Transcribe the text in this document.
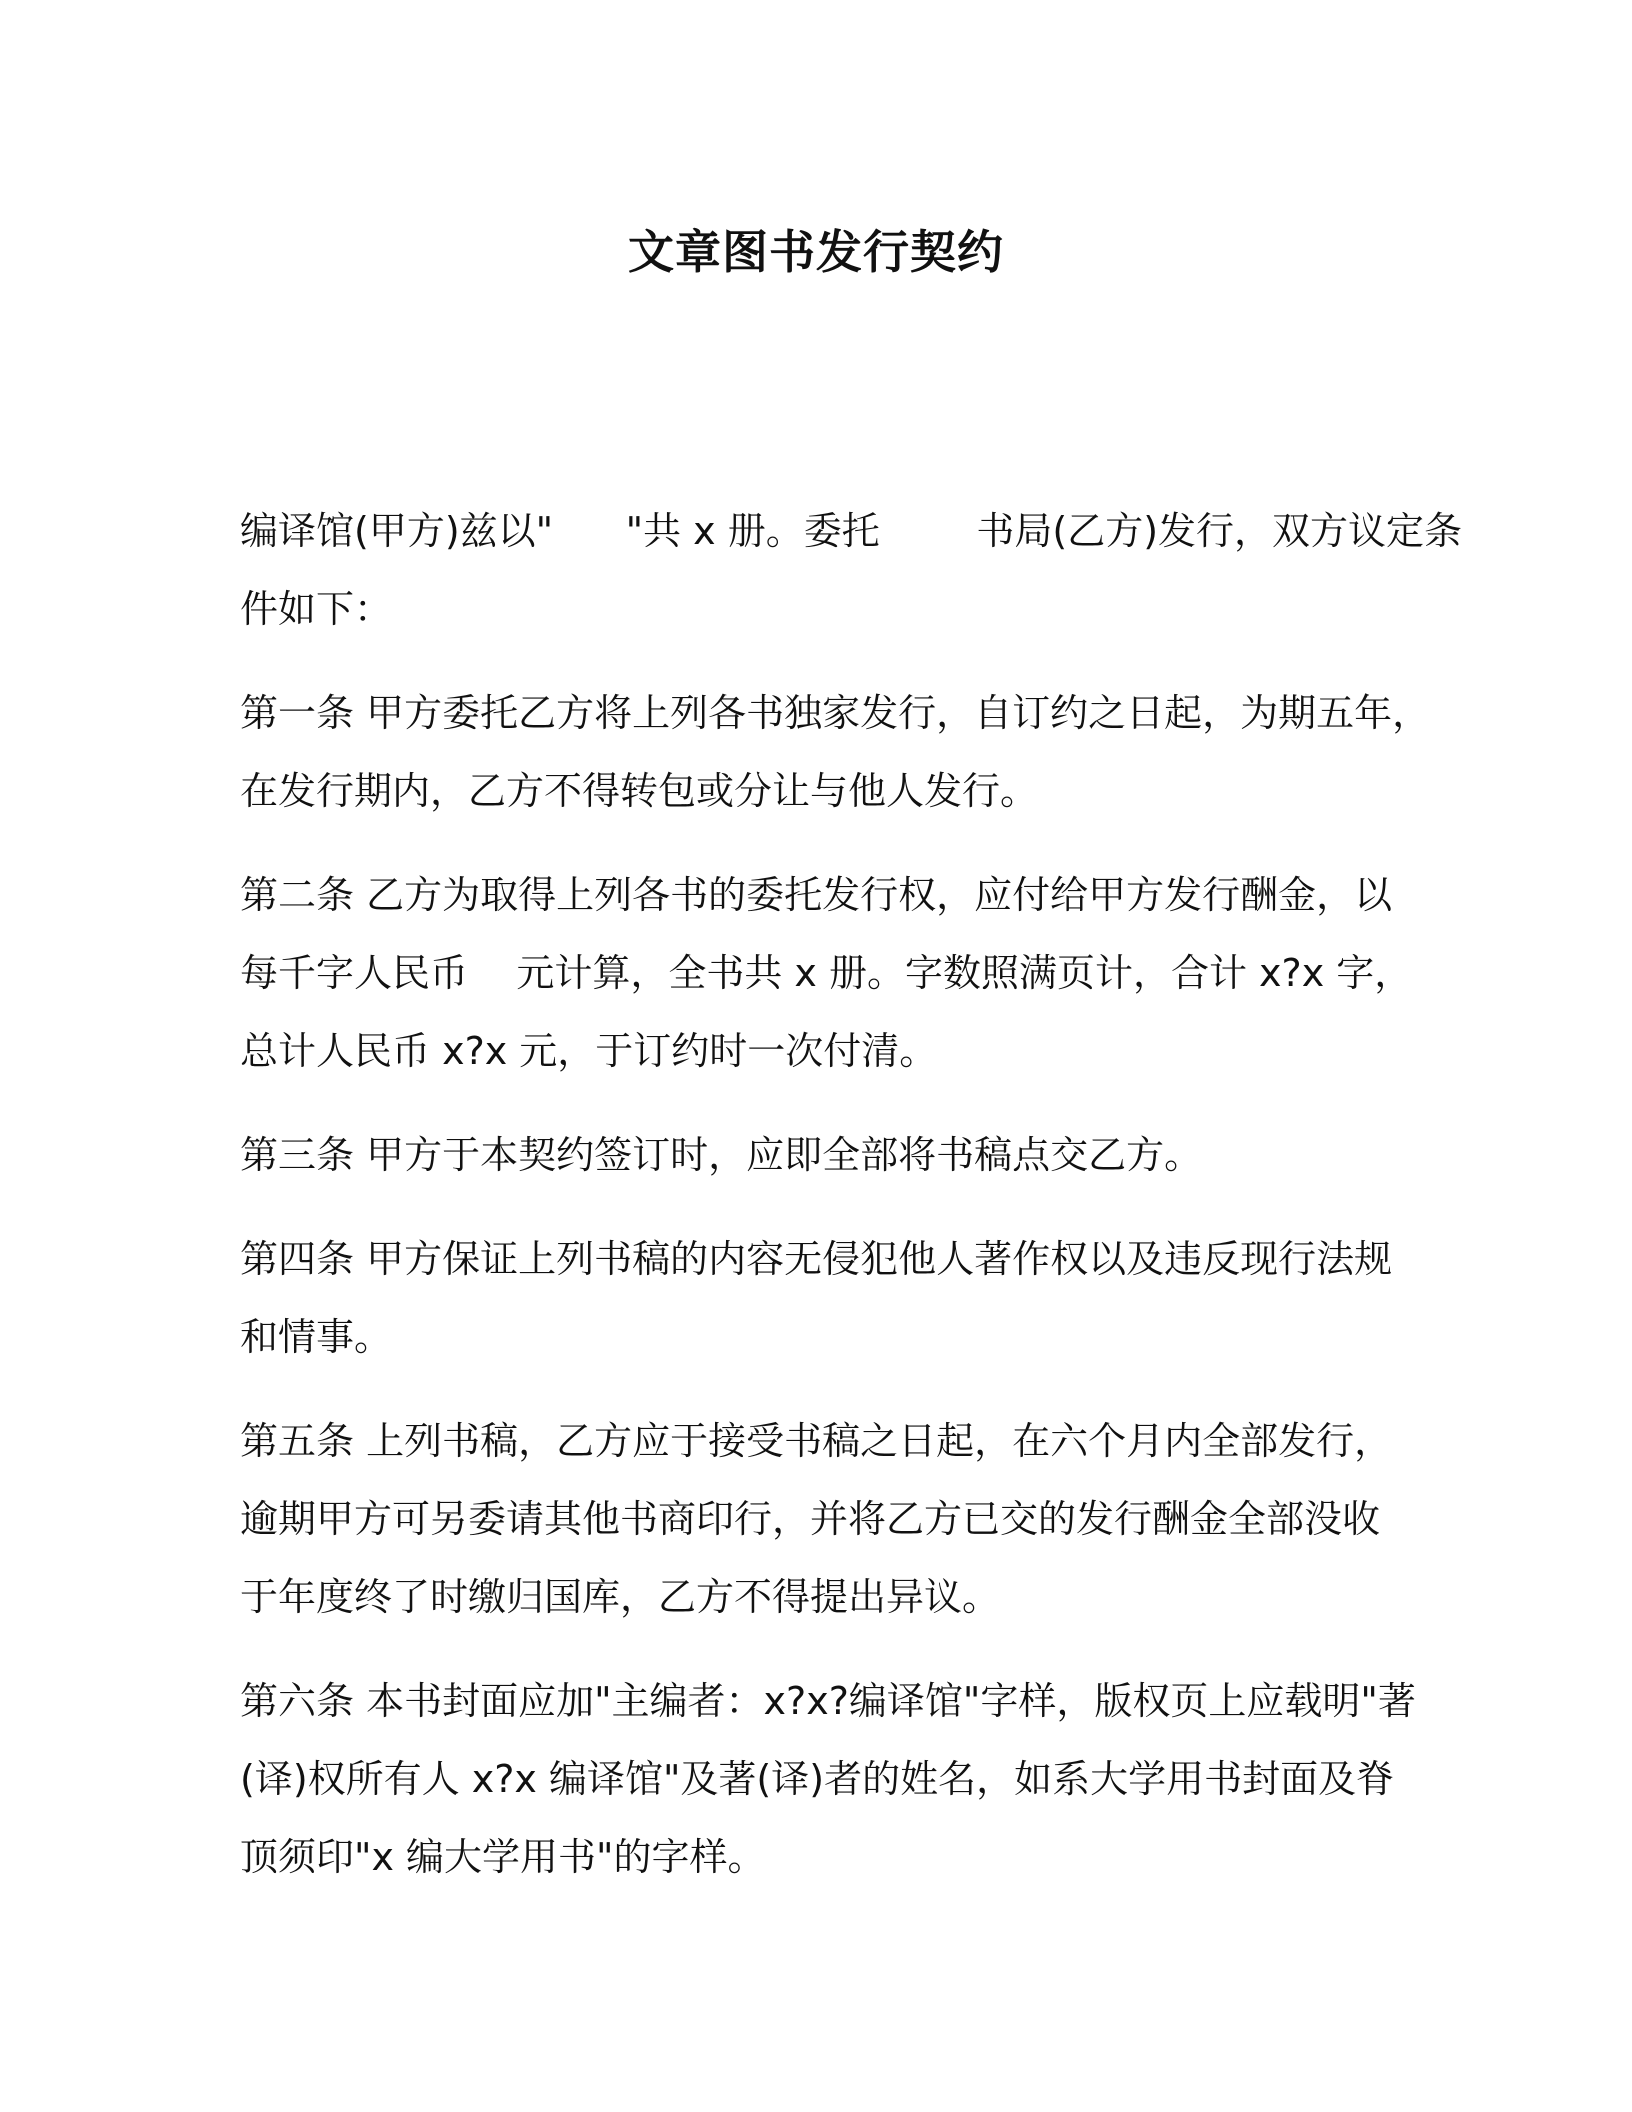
文章图书发行契约

编译馆(甲方)兹以"      "共 x 册。委托        书局(乙方)发行，双方议定条
件如下：

第一条 甲方委托乙方将上列各书独家发行，自订约之日起，为期五年，
在发行期内，乙方不得转包或分让与他人发行。

第二条 乙方为取得上列各书的委托发行权，应付给甲方发行酬金，以
每千字人民币    元计算，全书共 x 册。字数照满页计，合计 x?x 字，
总计人民币 x?x 元，于订约时一次付清。

第三条 甲方于本契约签订时，应即全部将书稿点交乙方。

第四条 甲方保证上列书稿的内容无侵犯他人著作权以及违反现行法规
和情事。

第五条 上列书稿，乙方应于接受书稿之日起，在六个月内全部发行，
逾期甲方可另委请其他书商印行，并将乙方已交的发行酬金全部没收
于年度终了时缴归国库，乙方不得提出异议。

第六条 本书封面应加"主编者：x?x?编译馆"字样，版权页上应载明"著
(译)权所有人 x?x 编译馆"及著(译)者的姓名，如系大学用书封面及脊
顶须印"x 编大学用书"的字样。
